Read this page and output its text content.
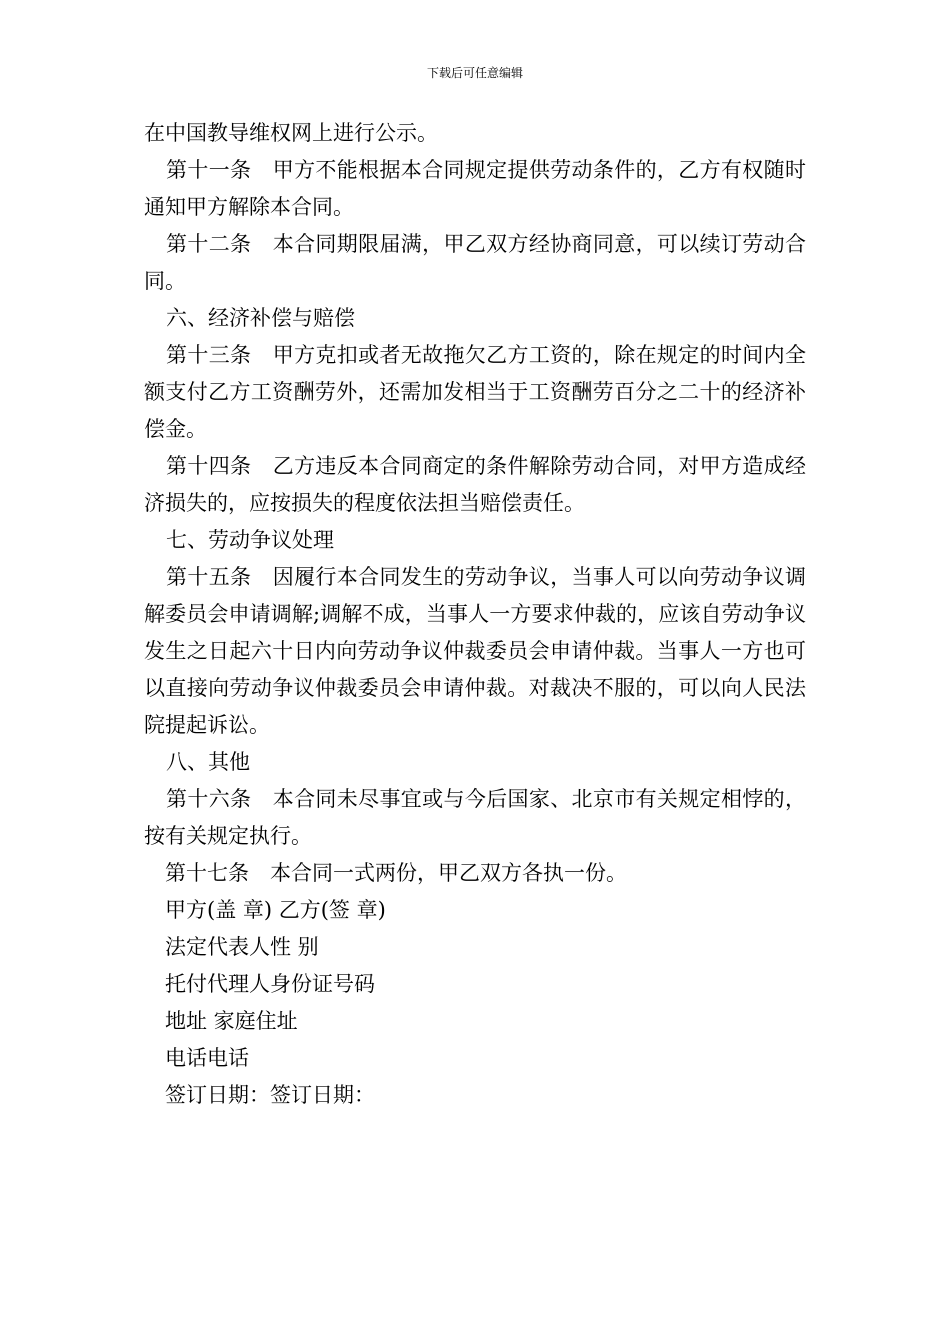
下载后可任意编辑

在中国教导维权网上进行公示。

第十一条　甲方不能根据本合同规定提供劳动条件的，乙方有权随时通知甲方解除本合同。

第十二条　本合同期限届满，甲乙双方经协商同意，可以续订劳动合同。

六、经济补偿与赔偿

第十三条　甲方克扣或者无故拖欠乙方工资的，除在规定的时间内全额支付乙方工资酬劳外，还需加发相当于工资酬劳百分之二十的经济补偿金。

第十四条　乙方违反本合同商定的条件解除劳动合同，对甲方造成经济损失的，应按损失的程度依法担当赔偿责任。

七、劳动争议处理

第十五条　因履行本合同发生的劳动争议，当事人可以向劳动争议调解委员会申请调解;调解不成，当事人一方要求仲裁的，应该自劳动争议发生之日起六十日内向劳动争议仲裁委员会申请仲裁。当事人一方也可以直接向劳动争议仲裁委员会申请仲裁。对裁决不服的，可以向人民法院提起诉讼。

八、其他

第十六条　本合同未尽事宜或与今后国家、北京市有关规定相悖的，按有关规定执行。

第十七条　本合同一式两份，甲乙双方各执一份。

甲方(盖 章) 乙方(签 章)

法定代表人性 别

托付代理人身份证号码

地址 家庭住址

电话电话

签订日期：签订日期：
